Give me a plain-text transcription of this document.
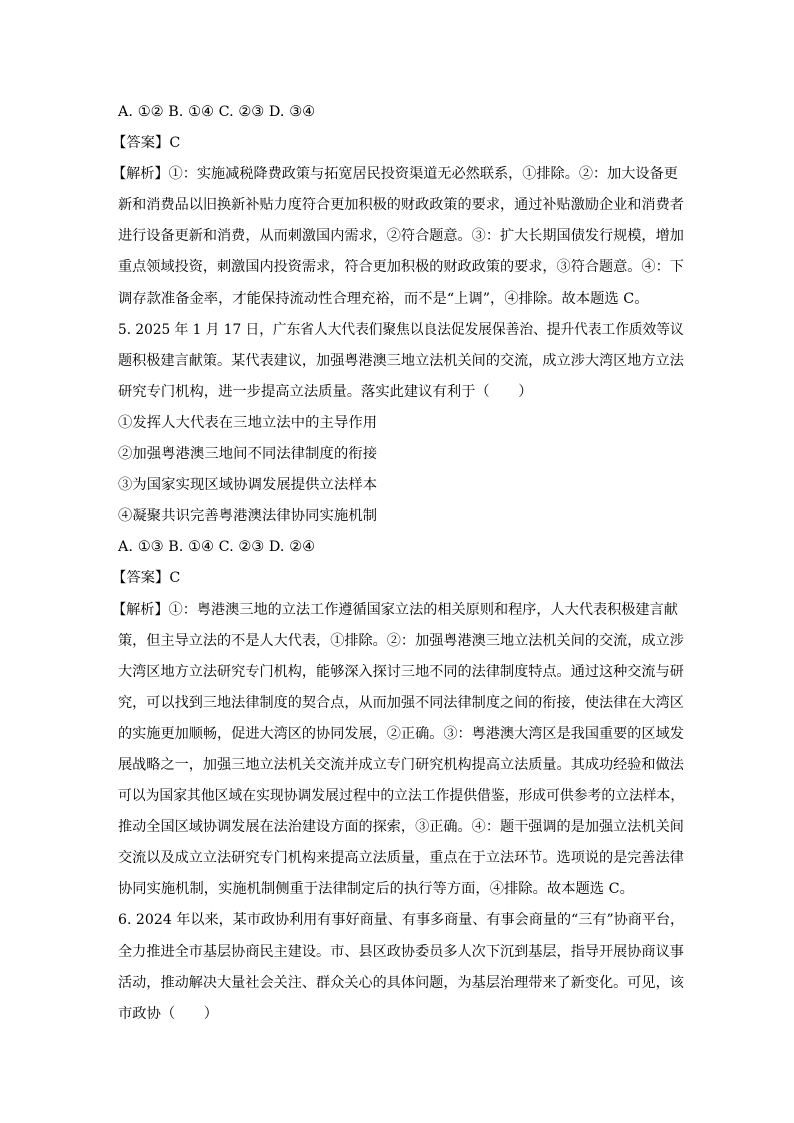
A. ①② B. ①④ C. ②③ D. ③④
【答案】C
【解析】①：实施减税降费政策与拓宽居民投资渠道无必然联系，①排除。②：加大设备更
新和消费品以旧换新补贴力度符合更加积极的财政政策的要求，通过补贴激励企业和消费者
进行设备更新和消费，从而刺激国内需求，②符合题意。③：扩大长期国债发行规模，增加
重点领域投资，刺激国内投资需求，符合更加积极的财政政策的要求，③符合题意。④：下
调存款准备金率，才能保持流动性合理充裕，而不是“上调”，④排除。故本题选 C。
5. 2025 年 1 月 17 日，广东省人大代表们聚焦以良法促发展保善治、提升代表工作质效等议
题积极建言献策。某代表建议，加强粤港澳三地立法机关间的交流，成立涉大湾区地方立法
研究专门机构，进一步提高立法质量。落实此建议有利于（　　）
①发挥人大代表在三地立法中的主导作用
②加强粤港澳三地间不同法律制度的衔接
③为国家实现区域协调发展提供立法样本
④凝聚共识完善粤港澳法律协同实施机制
A. ①③ B. ①④ C. ②③ D. ②④
【答案】C
【解析】①：粤港澳三地的立法工作遵循国家立法的相关原则和程序，人大代表积极建言献
策，但主导立法的不是人大代表，①排除。②：加强粤港澳三地立法机关间的交流，成立涉
大湾区地方立法研究专门机构，能够深入探讨三地不同的法律制度特点。通过这种交流与研
究，可以找到三地法律制度的契合点，从而加强不同法律制度之间的衔接，使法律在大湾区
的实施更加顺畅，促进大湾区的协同发展，②正确。③：粤港澳大湾区是我国重要的区域发
展战略之一，加强三地立法机关交流并成立专门研究机构提高立法质量。其成功经验和做法
可以为国家其他区域在实现协调发展过程中的立法工作提供借鉴，形成可供参考的立法样本，
推动全国区域协调发展在法治建设方面的探索，③正确。④：题干强调的是加强立法机关间
交流以及成立立法研究专门机构来提高立法质量，重点在于立法环节。选项说的是完善法律
协同实施机制，实施机制侧重于法律制定后的执行等方面，④排除。故本题选 C。
6. 2024 年以来，某市政协利用有事好商量、有事多商量、有事会商量的“三有”协商平台，
全力推进全市基层协商民主建设。市、县区政协委员多人次下沉到基层，指导开展协商议事
活动，推动解决大量社会关注、群众关心的具体问题，为基层治理带来了新变化。可见，该
市政协（　　）
